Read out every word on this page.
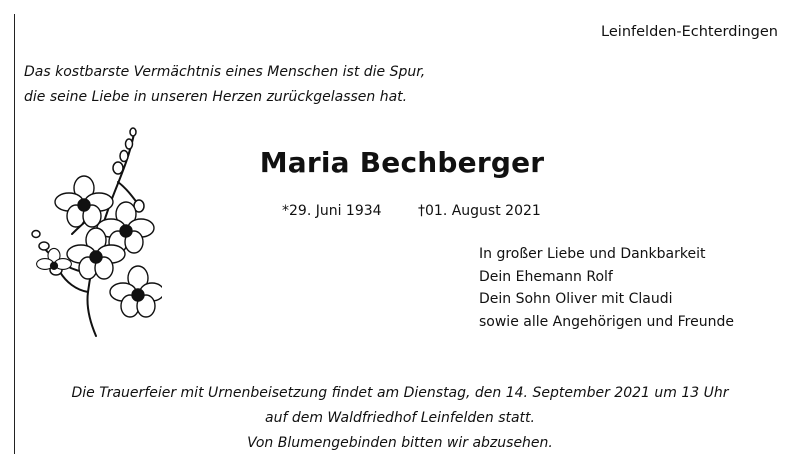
Leinfelden-Echterdingen
Das kostbarste Vermächtnis eines Menschen ist die Spur,
die seine Liebe in unseren Herzen zurückgelassen hat.
Maria Bechberger
*29. Juni 1934	†01. August 2021
In großer Liebe und Dankbarkeit
Dein Ehemann Rolf
Dein Sohn Oliver mit Claudi
sowie alle Angehörigen und Freunde
Die Trauerfeier mit Urnenbeisetzung findet am Dienstag, den 14. September 2021 um 13 Uhr
auf dem Waldfriedhof Leinfelden statt.
Von Blumengebinden bitten wir abzusehen.
